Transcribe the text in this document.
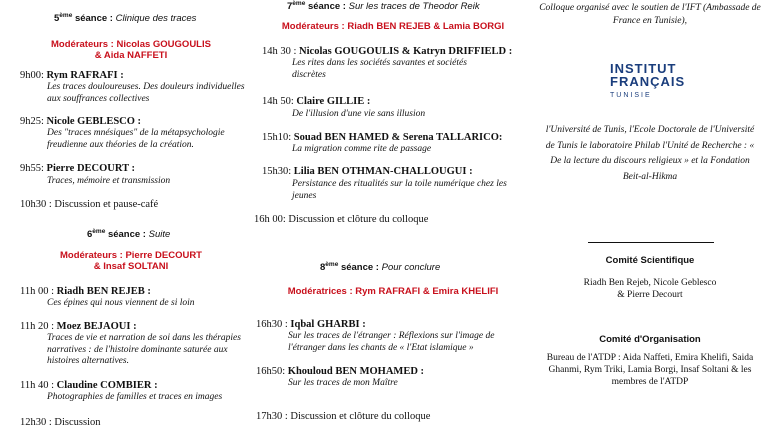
5ème séance : Clinique des traces
Modérateurs : Nicolas GOUGOULIS
& Aida NAFFETI
9h00: Rym RAFRAFI :
Les traces douloureuses. Des douleurs individuelles aux souffrances collectives
9h25: Nicole GEBLESCO :
Des "traces mnésiques" de la métapsychologie freudienne aux théories de la création.
9h55: Pierre DECOURT :
Traces, mémoire et transmission
10h30 : Discussion et pause-café
6ème séance : Suite
Modérateurs : Pierre DECOURT
& Insaf SOLTANI
11h 00 : Riadh BEN REJEB :
Ces épines qui nous viennent de si loin
11h 20 : Moez BEJAOUI :
Traces de vie et narration de soi dans les thérapies narratives : de l'histoire dominante saturée aux histoires alternatives.
11h 40 : Claudine COMBIER :
Photographies de familles et traces en images
12h30 : Discussion
7ème séance : Sur les traces de Theodor Reik
Modérateurs : Riadh BEN REJEB & Lamia BORGI
14h 30 : Nicolas GOUGOULIS & Katryn DRIFFIELD :
Les rites dans les sociétés savantes et sociétés discrètes
14h 50: Claire GILLIE :
De l'illusion d'une vie sans illusion
15h10: Souad BEN HAMED & Serena TALLARICO:
La migration comme rite de passage
15h30: Lilia BEN OTHMAN-CHALLOUGUI :
Persistance des ritualités sur la toile numérique chez les jeunes
16h 00: Discussion et clôture du colloque
8ème séance : Pour conclure
Modératrices : Rym RAFRAFI & Emira KHELIFI
16h30 : Iqbal GHARBI :
Sur les traces de l'étranger : Réflexions sur l'image de l'étranger dans les chants de « l'Etat islamique »
16h50: Khouloud BEN MOHAMED :
Sur les traces de mon Maître
17h30 : Discussion et clôture du colloque
Colloque organisé avec le soutien de l'IFT (Ambassade de France en Tunisie),
INSTITUT
FRANÇAIS
TUNISIE
l'Université de Tunis, l'Ecole Doctorale de l'Université de Tunis le laboratoire Philab l'Unité de Recherche : « De la lecture du discours religieux » et la Fondation Beit-al-Hikma
Comité Scientifique
Riadh Ben Rejeb, Nicole Geblesco & Pierre Decourt
Comité d'Organisation
Bureau de l'ATDP : Aida Naffeti, Emira Khelifi, Saida Ghanmi, Rym Triki, Lamia Borgi, Insaf Soltani & les membres de l'ATDP
